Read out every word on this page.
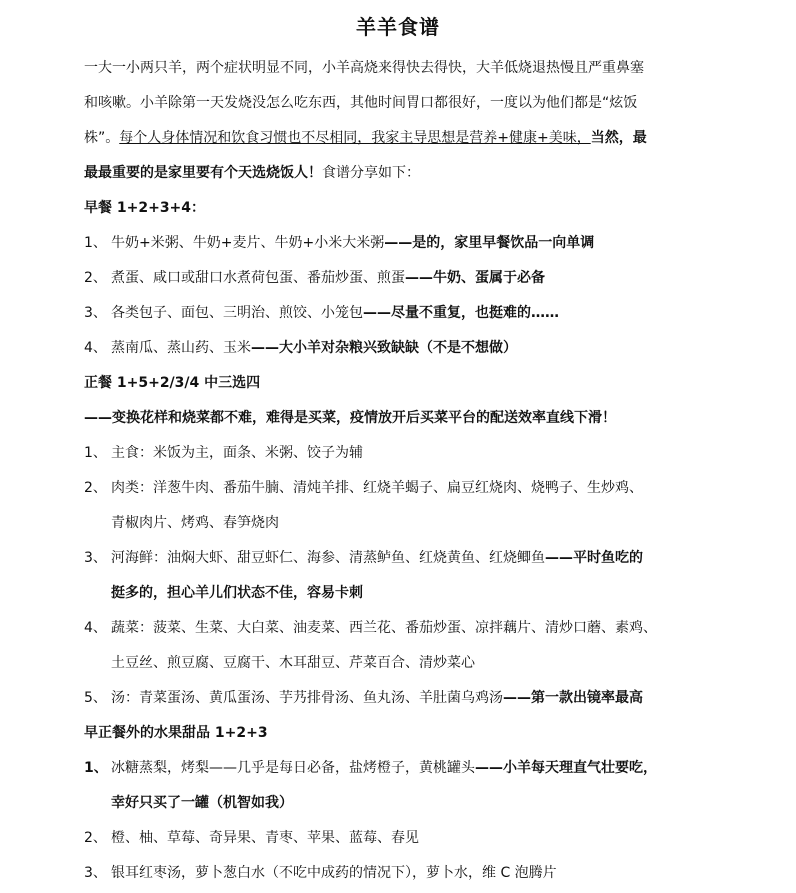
羊羊食谱
一大一小两只羊，两个症状明显不同，小羊高烧来得快去得快，大羊低烧退热慢且严重鼻塞
和咳嗽。小羊除第一天发烧没怎么吃东西，其他时间胃口都很好，一度以为他们都是“炫饭
株”。每个人身体情况和饮食习惯也不尽相同，我家主导思想是营养+健康+美味，当然，最
最最重要的是家里要有个天选烧饭人！食谱分享如下：
早餐 1+2+3+4：
1、 牛奶+米粥、牛奶+麦片、牛奶+小米大米粥——是的，家里早餐饮品一向单调
2、 煮蛋、咸口或甜口水煮荷包蛋、番茄炒蛋、煎蛋——牛奶、蛋属于必备
3、 各类包子、面包、三明治、煎饺、小笼包——尽量不重复，也挺难的……
4、 蒸南瓜、蒸山药、玉米——大小羊对杂粮兴致缺缺（不是不想做）
正餐 1+5+2/3/4 中三选四
——变换花样和烧菜都不难，难得是买菜，疫情放开后买菜平台的配送效率直线下滑！
1、 主食：米饭为主，面条、米粥、饺子为辅
2、 肉类：洋葱牛肉、番茄牛腩、清炖羊排、红烧羊蝎子、扁豆红烧肉、烧鸭子、生炒鸡、
青椒肉片、烤鸡、春笋烧肉
3、 河海鲜：油焖大虾、甜豆虾仁、海参、清蒸鲈鱼、红烧黄鱼、红烧鲫鱼——平时鱼吃的
挺多的，担心羊儿们状态不佳，容易卡刺
4、 蔬菜：菠菜、生菜、大白菜、油麦菜、西兰花、番茄炒蛋、凉拌藕片、清炒口蘑、素鸡、
土豆丝、煎豆腐、豆腐干、木耳甜豆、芹菜百合、清炒菜心
5、 汤：青菜蛋汤、黄瓜蛋汤、芋艿排骨汤、鱼丸汤、羊肚菌乌鸡汤——第一款出镜率最高
早正餐外的水果甜品 1+2+3
1、 冰糖蒸梨，烤梨——几乎是每日必备，盐烤橙子，黄桃罐头——小羊每天理直气壮要吃，
幸好只买了一罐（机智如我）
2、 橙、柚、草莓、奇异果、青枣、苹果、蓝莓、春见
3、 银耳红枣汤，萝卜葱白水（不吃中成药的情况下），萝卜水，维 C 泡腾片
